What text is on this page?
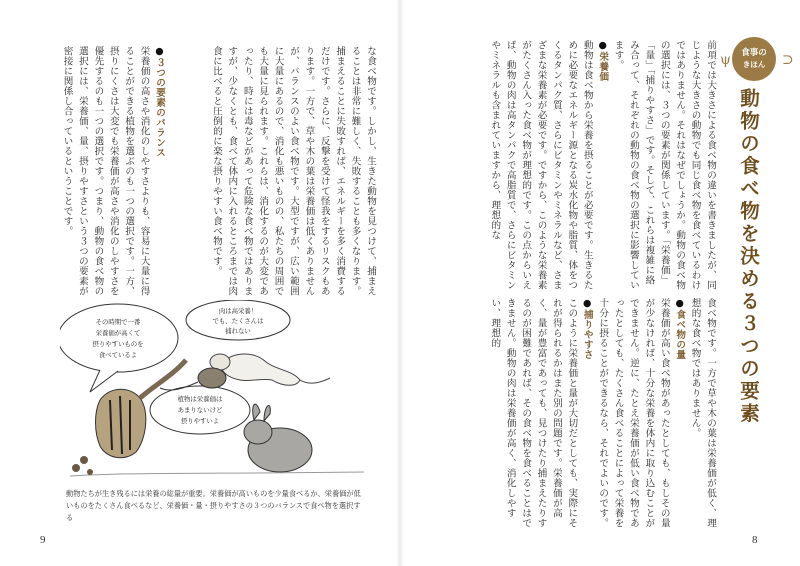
な食べ物です。しかし、生きた動物を見つけて、捕まえることは非常に難しく、失敗することも多くなります。捕まえることに失敗すれば、エネルギーを多く消費するだけです。さらに、反撃を受けて怪我をするリスクもあります。一方で、草や木の葉は栄養価は低くありませんが、バランスのよい食べ物です。大型ですが、広い範囲に大量にあるので、消化も悪いものの、私たちの周囲でも大量に見られます。これらは、消化するのが大変であったり、時には毒などがあって危険な食べ物ではありますが、少なくとも、食べて体内に入れるところまでは肉食に比べると圧倒的に楽な摂りやすい食べ物です。
●３つの要素のバランス
栄養価の高さや消化のしやすさよりも、容易に大量に得ることができる植物を選ぶのも一つの選択です。一方、摂りにくさは大変でも栄養価が高さや消化のしやすさを優先するのも一つの選択です。つまり、動物の食べ物の選択には、栄養価、量、摂りやすさという３つの要素が密接に関係し合っているということです。
その時期で一番
栄養価が高くて
摂りやすいものを
食べているよ
肉は高栄養！
でも、たくさんは
捕れない
植物は栄養価は
あまりないけど
摂りやすいよ
動物たちが生き残るには栄養の総量が重要。栄養価が高いものを少量食べるか、栄養価が低いものをたくさん食べるなど、栄養価・量・摂りやすさの３つのバランスで食べ物を選択する
9
ψ 食事の
きほん ⊃
動物の食べ物を決める３つの要素
前項では大きさによる食べ物の違いを書きましたが、同じような大きさの動物でも同じ食べ物を食べているわけではありません。それはなぜでしょうか。動物の食べ物の選択には、３つの要素が関係しています。「栄養価」「量」「捕りやすさ」です。そして、これらは複雑に絡み合って、それぞれの動物の食べ物の選択に影響しています。
●栄養価
動物は食べ物から栄養を摂ることが必要です。生きるために必要なエネルギー源となる炭水化物や脂質、体をつくるタンパク質、さらにビタミンやミネラルなど、さまざまな栄養素が必要です。ですから、このような栄養素がたくさん入った食べ物が理想的です。この点からいえば、動物の肉は高タンパクで高脂質で、さらにビタミンやミネラルも含まれていますから、理想的な
食べ物です。一方で草や木の葉は栄養価が低く、理想的な食べ物ではありません。
●食べ物の量
栄養価が高い食べ物があったとしても、もしその量が少なければ、十分な栄養を体内に取り込むことができません。逆に、たとえ栄養価が低い食べ物であったとしても、たくさん食べることによって栄養を十分に摂ることができるなら、それでよいのです。
●捕りやすさ
このように栄養価と量が大切だとしても、実際にそれが得られるかはまた別の問題です。栄養価が高く、量が豊富であっても、見つけたり捕まえたりするのが困難であれば、その食べ物を食べることはできません。動物の肉は栄養価が高く、消化しやすい、理想的
8
